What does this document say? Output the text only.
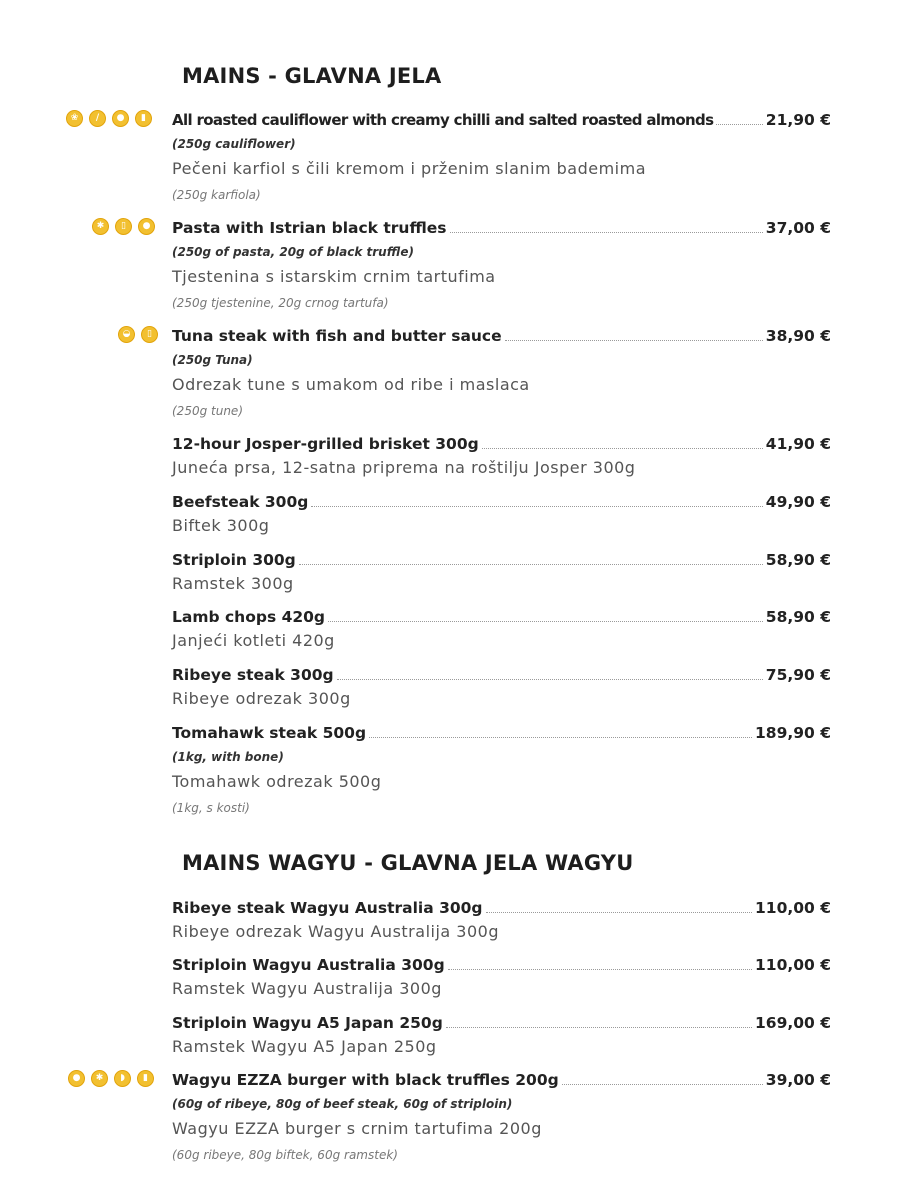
MAINS - GLAVNA JELA
❀	∕	●	▮	All roasted cauliflower with creamy chilli and salted roasted almonds	21,90 €
(250g cauliflower)
Pečeni karfiol s čili kremom i prženim slanim bademima
(250g karfiola)
✱	▯	● Pasta with Istrian black truffles	37,00 €
(250g of pasta, 20g of black truffle)
Tjestenina s istarskim crnim tartufima
(250g tjestenine, 20g crnog tartufa)
◒	▯	Tuna steak with fish and butter sauce	38,90 €
(250g Tuna)
Odrezak tune s umakom od ribe i maslaca
(250g tune)
12-hour Josper-grilled brisket 300g	41,90 €
Juneća prsa, 12-satna priprema na roštilju Josper 300g
Beefsteak 300g	49,90 €
Biftek 300g
Striploin 300g	58,90 €
Ramstek 300g
Lamb chops 420g	58,90 €
Janjeći kotleti 420g
Ribeye steak 300g	75,90 €
Ribeye odrezak 300g
Tomahawk steak 500g	189,90 €
(1kg, with bone)
Tomahawk odrezak 500g
(1kg, s kosti)
MAINS WAGYU - GLAVNA JELA WAGYU
Ribeye steak Wagyu Australia 300g	110,00 €
Ribeye odrezak Wagyu Australija 300g
Striploin Wagyu Australia 300g	110,00 €
Ramstek Wagyu Australija 300g
Striploin Wagyu A5 Japan 250g	169,00 €
Ramstek Wagyu A5 Japan 250g
●	✱	◗	▮	Wagyu EZZA burger with black truffles 200g	39,00 €
(60g of ribeye, 80g of beef steak, 60g of striploin)
Wagyu EZZA burger s crnim tartufima 200g
(60g ribeye, 80g biftek, 60g ramstek)
